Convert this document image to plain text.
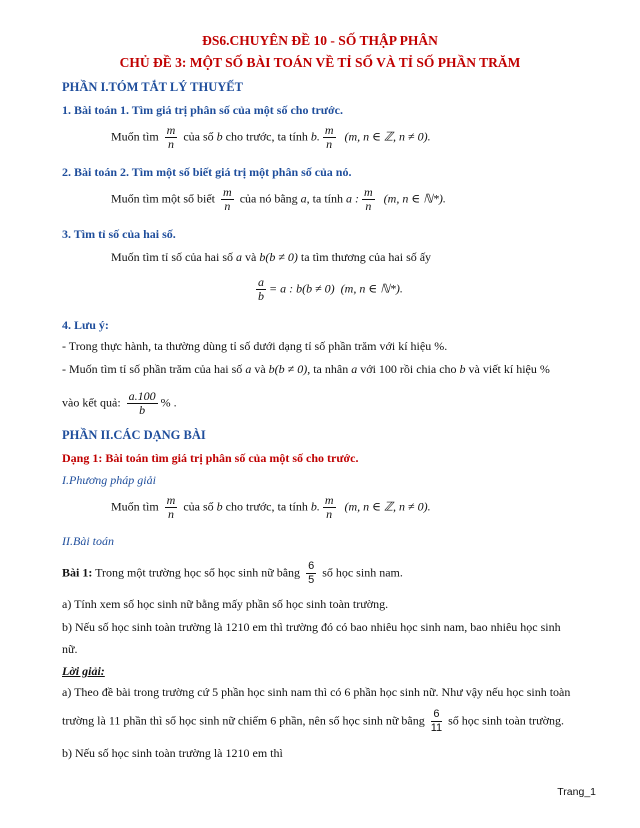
ĐS6.CHUYÊN ĐỀ 10 - SỐ THẬP PHÂN
CHỦ ĐỀ 3: MỘT SỐ BÀI TOÁN VỀ TỈ SỐ VÀ TỈ SỐ PHẦN TRĂM
PHẦN I.TÓM TẮT LÝ THUYẾT
1. Bài toán 1. Tìm giá trị phân số của một số cho trước.
Muốn tìm $\frac{m}{n}$ của số b cho trước, ta tính b. $\frac{m}{n} (m$, n ∈ ℤ, n ≠ 0).
2. Bài toán 2. Tìm một số biết giá trị một phân số của nó.
Muốn tìm một số biết $\frac{m}{n}$ của nó bằng a, ta tính a : $\frac{m}{n} (m$, n ∈ ℕ*).
3. Tìm tỉ số của hai số.
Muốn tìm tỉ số của hai số a và b(b ≠ 0) ta tìm thương của hai số ấy
$\frac{a}{b} = a$ : b(b ≠ 0) (m, n ∈ ℕ*).
4. Lưu ý:
- Trong thực hành, ta thường dùng tỉ số dưới dạng tỉ số phần trăm với kí hiệu %.
- Muốn tìm tỉ số phần trăm của hai số a và b(b ≠ 0), ta nhân a với 100 rồi chia cho b và viết kí hiệu %
vào kết quả: $\frac{a.100}{b}$ % .
PHẦN II.CÁC DẠNG BÀI
Dạng 1: Bài toán tìm giá trị phân số của một số cho trước.
I.Phương pháp giải
Muốn tìm $\frac{m}{n}$ của số b cho trước, ta tính b. $\frac{m}{n} (m$, n ∈ ℤ, n ≠ 0).
II.Bài toán
Bài 1: Trong một trường học số học sinh nữ bằng $\frac{6}{5}$ số học sinh nam.
a) Tính xem số học sinh nữ bằng mấy phần số học sinh toàn trường.
b) Nếu số học sinh toàn trường là 1210 em thì trường đó có bao nhiêu học sinh nam, bao nhiêu học sinh
nữ.
Lời giải:
a) Theo đề bài trong trường cứ 5 phần học sinh nam thì có 6 phần học sinh nữ. Như vậy nếu học sinh toàn
trường là 11 phần thì số học sinh nữ chiếm 6 phần, nên số học sinh nữ bằng $\frac{6}{11}$ số học sinh toàn trường.
b) Nếu số học sinh toàn trường là 1210 em thì
Trang_1
